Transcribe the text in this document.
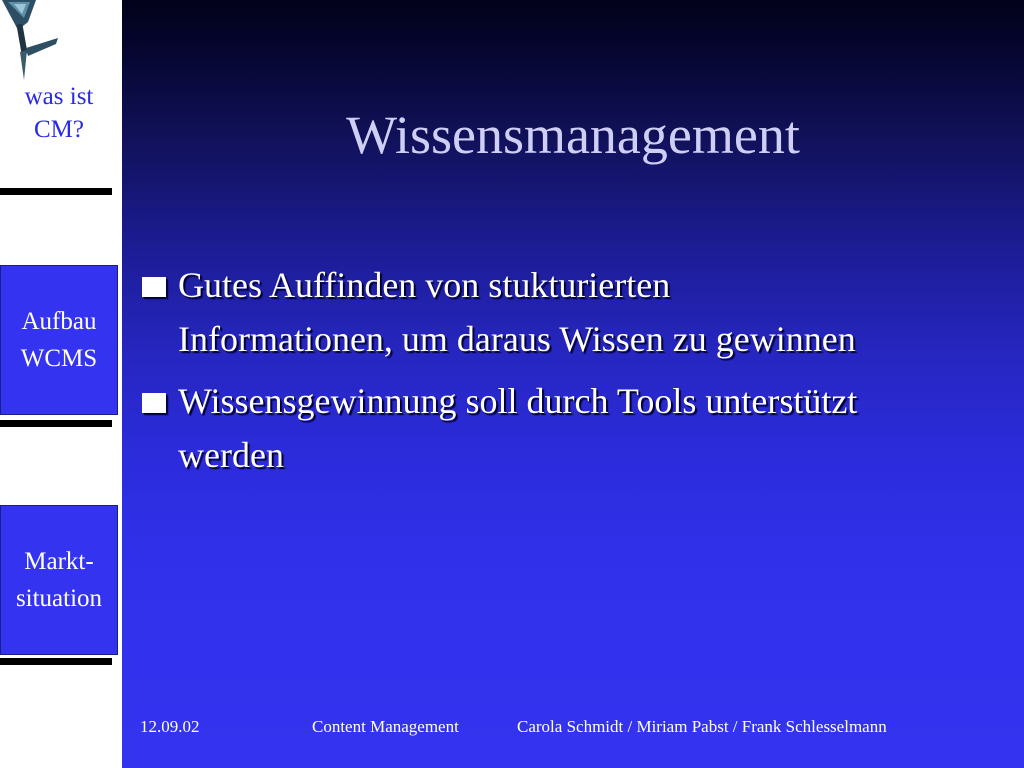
was ist
CM?
Aufbau
WCMS
Markt-
situation
Wissensmanagement
Gutes Auffinden von stukturierten Informationen, um daraus Wissen zu gewinnen
Wissensgewinnung soll durch Tools unterstützt werden
12.09.02	Content Management	Carola Schmidt / Miriam Pabst / Frank Schlesselmann
